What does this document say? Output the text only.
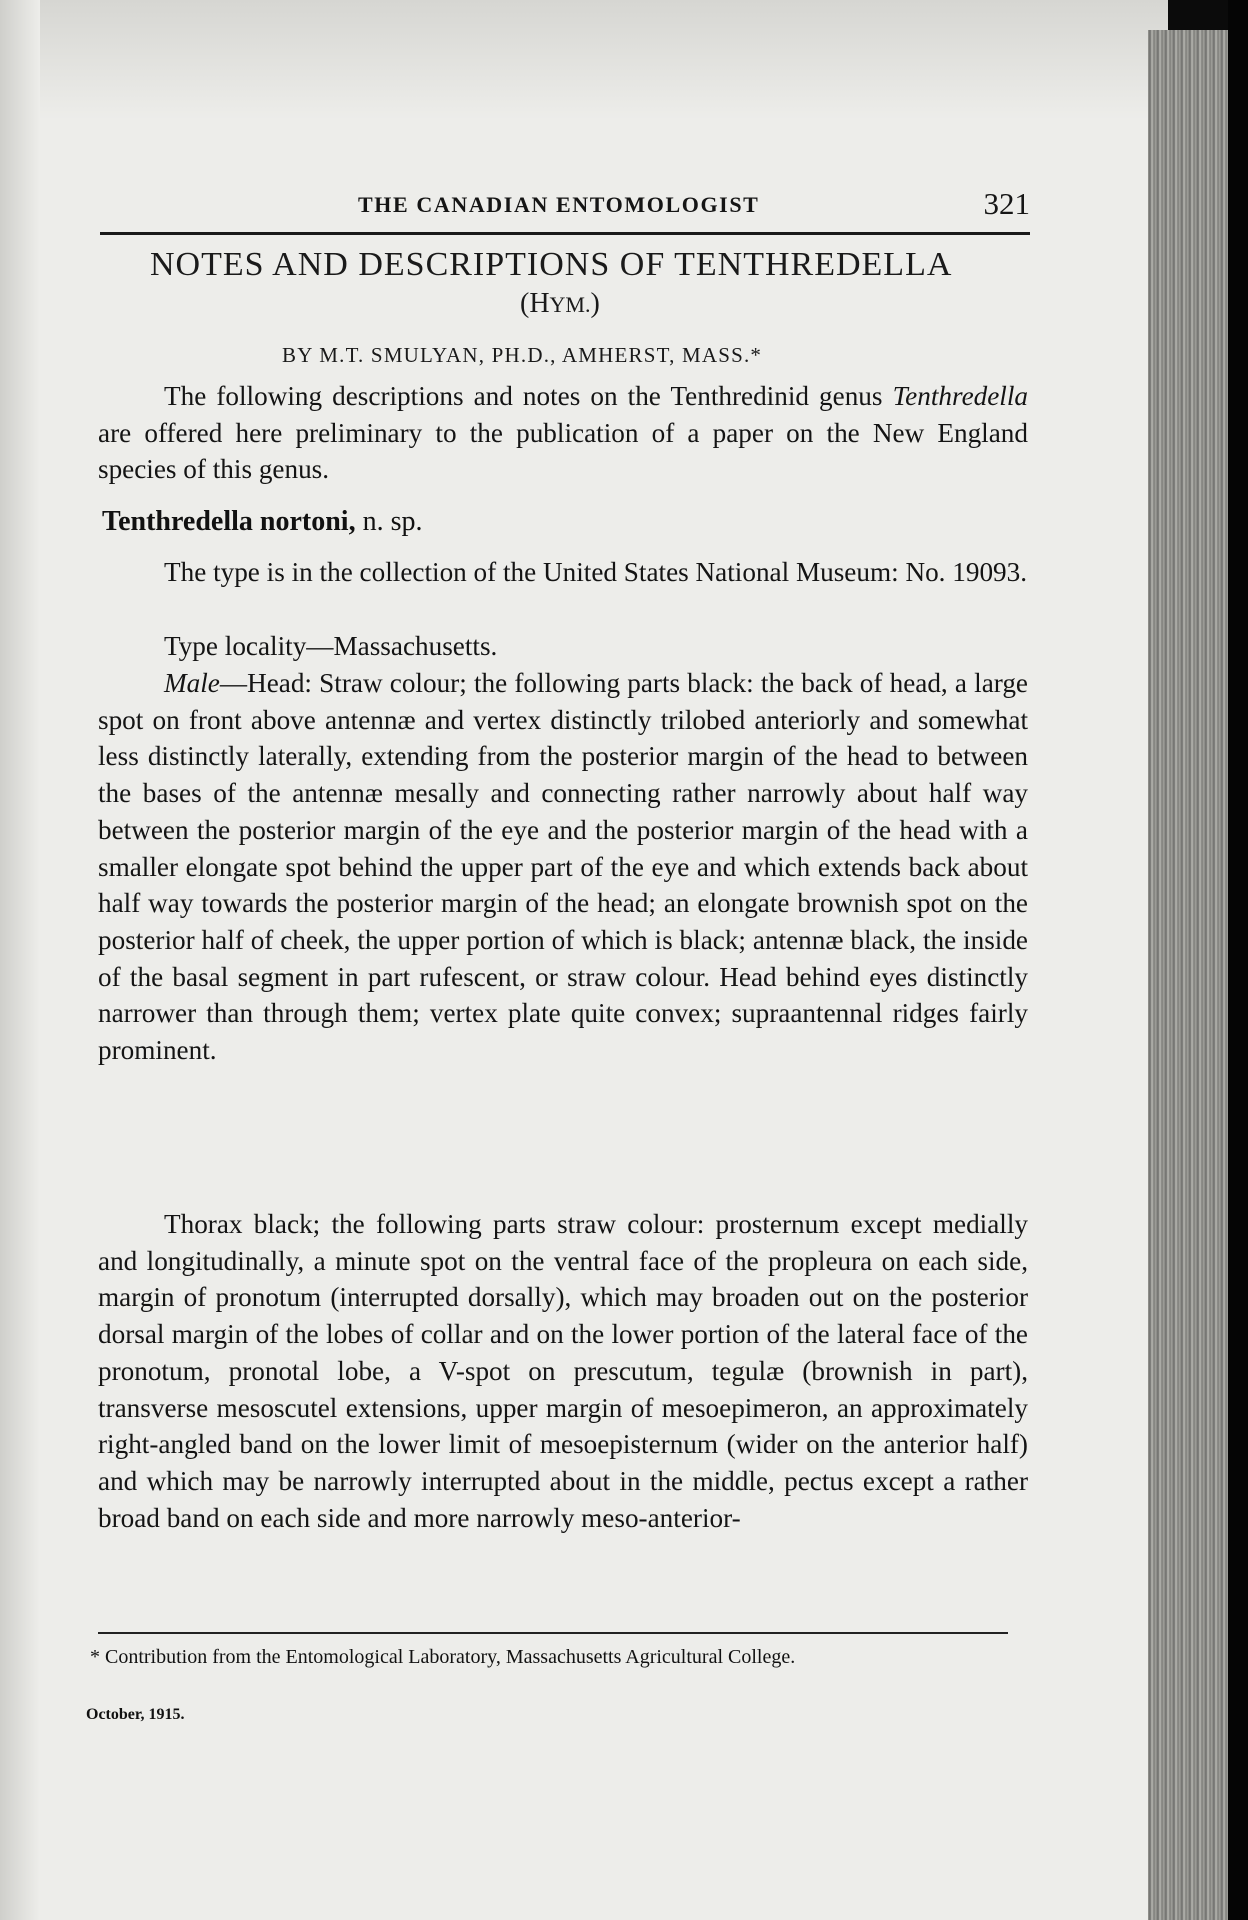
THE CANADIAN ENTOMOLOGIST	321
NOTES AND DESCRIPTIONS OF TENTHREDELLA
(HYM.)
BY M.T. SMULYAN, PH.D., AMHERST, MASS.*
The following descriptions and notes on the Tenthredinid genus Tenthredella are offered here preliminary to the publication of a paper on the New England species of this genus.
Tenthredella nortoni, n. sp.
The type is in the collection of the United States National Museum: No. 19093.
Type locality—Massachusetts.
Male—Head: Straw colour; the following parts black: the back of head, a large spot on front above antennæ and vertex distinctly trilobed anteriorly and somewhat less distinctly laterally, extending from the posterior margin of the head to between the bases of the antennæ mesally and connecting rather narrowly about half way between the posterior margin of the eye and the posterior margin of the head with a smaller elongate spot behind the upper part of the eye and which extends back about half way towards the posterior margin of the head; an elongate brownish spot on the posterior half of cheek, the upper portion of which is black; antennæ black, the inside of the basal segment in part rufescent, or straw colour. Head behind eyes distinctly narrower than through them; vertex plate quite convex; supraantennal ridges fairly prominent.
Thorax black; the following parts straw colour: prosternum except medially and longitudinally, a minute spot on the ventral face of the propleura on each side, margin of pronotum (interrupted dorsally), which may broaden out on the posterior dorsal margin of the lobes of collar and on the lower portion of the lateral face of the pronotum, pronotal lobe, a V-spot on prescutum, tegulæ (brownish in part), transverse mesoscutel extensions, upper margin of mesoepimeron, an approximately right-angled band on the lower limit of mesoepisternum (wider on the anterior half) and which may be narrowly interrupted about in the middle, pectus except a rather broad band on each side and more narrowly meso-anterior-
* Contribution from the Entomological Laboratory, Massachusetts Agricultural College.
October, 1915.
